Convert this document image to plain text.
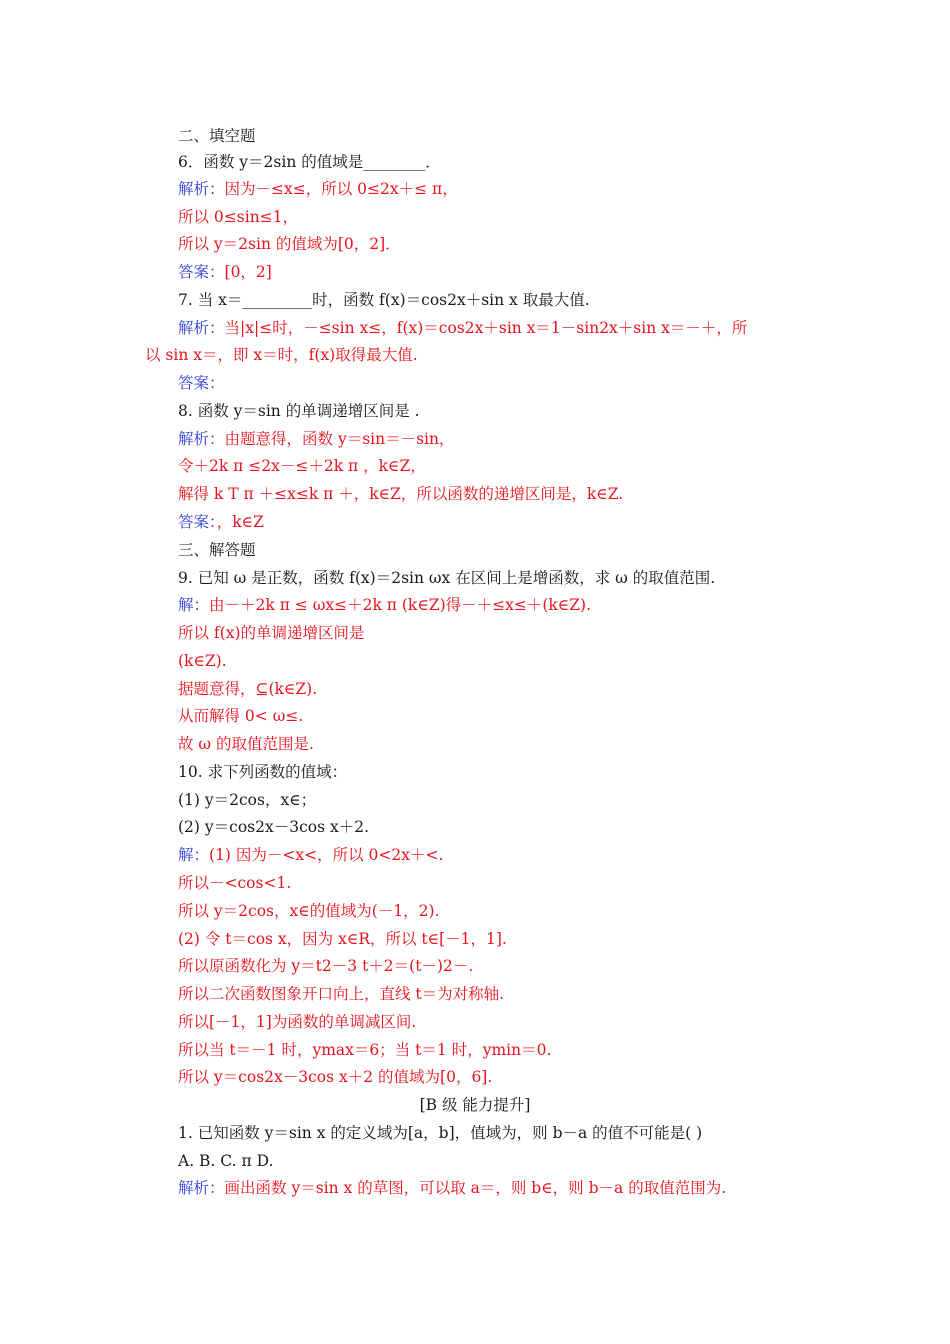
二、填空题
6．函数 y＝2sin 的值域是________．
解析：因为－≤x≤，所以 0≤2x＋≤ π，
所以 0≤sin≤1，
所以 y＝2sin 的值域为[0，2]．
答案：[0，2]
7. 当 x＝_________时，函数 f(x)＝cos2x＋sin x 取最大值.
解析：当|x|≤时，－≤sin x≤，f(x)＝cos2x＋sin x＝1－sin2x＋sin x＝－＋，所
以 sin x＝，即 x＝时，f(x)取得最大值.
答案：
8. 函数 y＝sin 的单调递增区间是 .
解析：由题意得，函数 y＝sin＝－sin，
令＋2k π ≤2x－≤＋2k π ，k∈Z，
解得 k Τ π ＋≤x≤k π ＋，k∈Z，所以函数的递增区间是，k∈Z.
答案：，k∈Z
三、解答题
9. 已知 ω 是正数，函数 f(x)＝2sin ωx 在区间上是增函数，求 ω 的取值范围.
解：由－＋2k π ≤ ωx≤＋2k π (k∈Z)得－＋≤x≤＋(k∈Z).
所以 f(x)的单调递增区间是
(k∈Z).
据题意得，⊆(k∈Z).
从而解得 0< ω≤.
故 ω 的取值范围是.
10. 求下列函数的值域：
(1) y＝2cos，x∈；
(2) y＝cos2x－3cos x＋2.
解：(1) 因为－<x<，所以 0<2x＋<.
所以－<cos<1.
所以 y＝2cos，x∈的值域为(－1，2).
(2) 令 t＝cos x，因为 x∈R，所以 t∈[－1，1].
所以原函数化为 y＝t2－3 t＋2＝(t－)2－.
所以二次函数图象开口向上，直线 t＝为对称轴.
所以[－1，1]为函数的单调减区间.
所以当 t＝－1 时，ymax＝6；当 t＝1 时，ymin＝0.
所以 y＝cos2x－3cos x＋2 的值域为[0，6].
[B 级 能力提升]
1. 已知函数 y＝sin x 的定义域为[a，b]，值域为，则 b－a 的值不可能是( )
A. B. C. π D.
解析：画出函数 y＝sin x 的草图，可以取 a＝，则 b∈，则 b－a 的取值范围为.
